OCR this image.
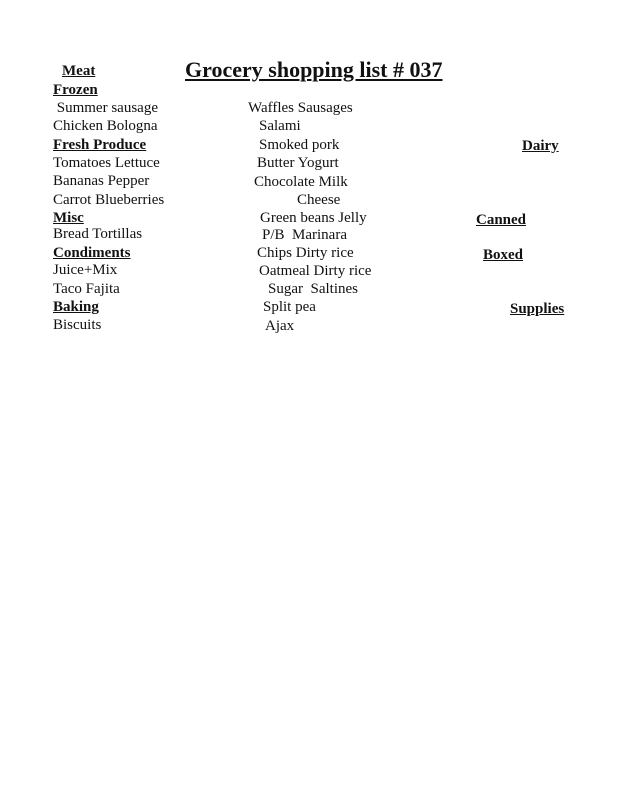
Grocery shopping list # 037
Meat
Frozen
Summer sausage
Chicken Bologna
Fresh Produce
Tomatoes Lettuce
Bananas Pepper
Carrot Blueberries
Misc
Bread Tortillas
Condiments
Juice+Mix
Taco Fajita
Baking
Biscuits
Waffles Sausages
Salami
Smoked pork
Butter Yogurt
Chocolate Milk
Cheese
Green beans Jelly
P/B  Marinara
Chips Dirty rice
Oatmeal Dirty rice
Sugar  Saltines
Split pea
Ajax
Dairy
Canned
Boxed
Supplies
